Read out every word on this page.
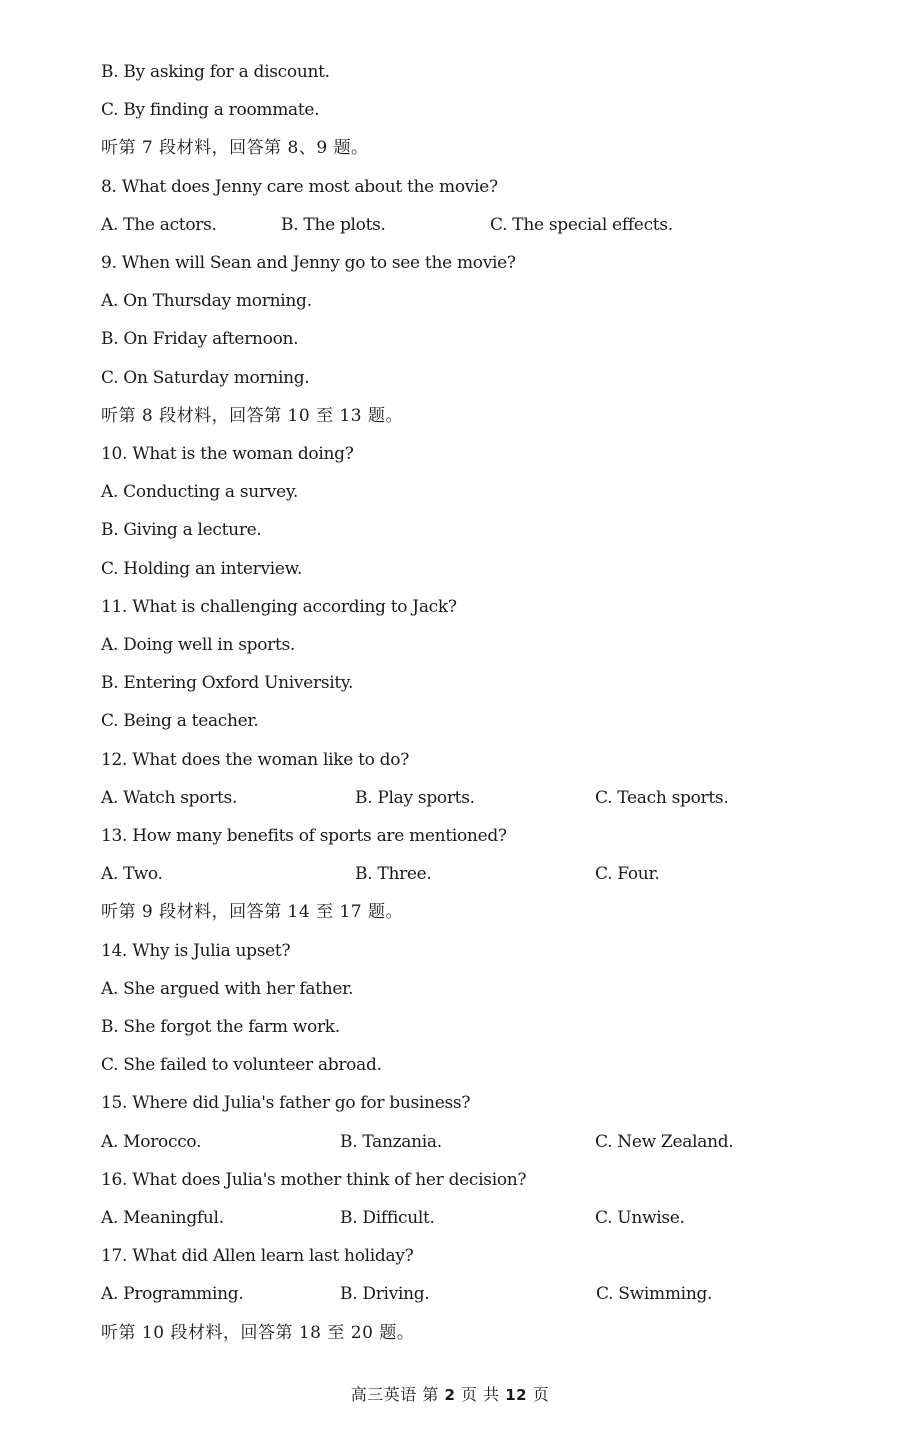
B. By asking for a discount.
C. By finding a roommate.
听第 7 段材料，回答第 8、9 题。
8. What does Jenny care most about the movie?
A. The actors.	B. The plots.	C. The special effects.
9. When will Sean and Jenny go to see the movie?
A. On Thursday morning.
B. On Friday afternoon.
C. On Saturday morning.
听第 8 段材料，回答第 10 至 13 题。
10. What is the woman doing?
A. Conducting a survey.
B. Giving a lecture.
C. Holding an interview.
11. What is challenging according to Jack?
A. Doing well in sports.
B. Entering Oxford University.
C. Being a teacher.
12. What does the woman like to do?
A. Watch sports.	B. Play sports.	C. Teach sports.
13. How many benefits of sports are mentioned?
A. Two.	B. Three.	C. Four.
听第 9 段材料，回答第 14 至 17 题。
14. Why is Julia upset?
A. She argued with her father.
B. She forgot the farm work.
C. She failed to volunteer abroad.
15. Where did Julia's father go for business?
A. Morocco.	B. Tanzania.	C. New Zealand.
16. What does Julia's mother think of her decision?
A. Meaningful.	B. Difficult.	C. Unwise.
17. What did Allen learn last holiday?
A. Programming.	B. Driving.	C. Swimming.
听第 10 段材料，回答第 18 至 20 题。
高三英语 第 2 页 共 12 页
